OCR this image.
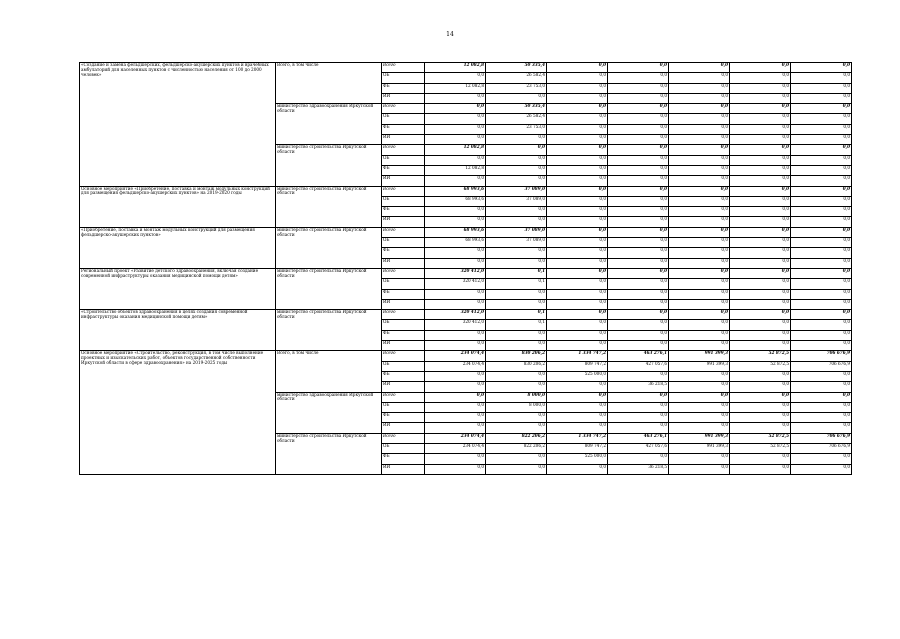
14
«Создание и замена фельдшерских, фельдшерско-акушерских пунктов и врачебных амбулаторий для населенных пунктов с численностью населения от 100 до 2000 человек»	Всего, в том числе	Всего	12 082,8	50 335,4	0,0	0,0	0,0	0,0	0,0
		ОБ	0,0	26 582,4	0,0	0,0	0,0	0,0	0,0
		ФБ	12 082,8	23 753,0	0,0	0,0	0,0	0,0	0,0
		ИИ	0,0	0,0	0,0	0,0	0,0	0,0	0,0
	министерство здравоохранения Иркутской области	Всего	0,0	50 335,4	0,0	0,0	0,0	0,0	0,0
		ОБ	0,0	26 582,4	0,0	0,0	0,0	0,0	0,0
		ФБ	0,0	23 753,0	0,0	0,0	0,0	0,0	0,0
		ИИ	0,0	0,0	0,0	0,0	0,0	0,0	0,0
	министерство строительства Иркутской области	Всего	12 082,8	0,0	0,0	0,0	0,0	0,0	0,0
		ОБ	0,0	0,0	0,0	0,0	0,0	0,0	0,0
		ФБ	12 082,8	0,0	0,0	0,0	0,0	0,0	0,0
		ИИ	0,0	0,0	0,0	0,0	0,0	0,0	0,0
Основное мероприятие «Приобретение, поставка и монтаж модульных конструкций для размещения фельдшерско-акушерских пунктов» на 2019-2020 годы	министерство строительства Иркутской области	Всего	68 993,6	37 089,0	0,0	0,0	0,0	0,0	0,0
		ОБ	68 993,6	37 089,0	0,0	0,0	0,0	0,0	0,0
		ФБ	0,0	0,0	0,0	0,0	0,0	0,0	0,0
		ИИ	0,0	0,0	0,0	0,0	0,0	0,0	0,0
«Приобретение, поставка и монтаж модульных конструкций для размещения фельдшерско-акушерских пунктов»	министерство строительства Иркутской области	Всего	68 993,6	37 089,0	0,0	0,0	0,0	0,0	0,0
		ОБ	68 993,6	37 089,0	0,0	0,0	0,0	0,0	0,0
		ФБ	0,0	0,0	0,0	0,0	0,0	0,0	0,0
		ИИ	0,0	0,0	0,0	0,0	0,0	0,0	0,0
Региональный проект «Развитие детского здравоохранения, включая создание современной инфраструктуры оказания медицинской помощи детям»	министерство строительства Иркутской области	Всего	320 412,0	0,1	0,0	0,0	0,0	0,0	0,0
		ОБ	320 412,0	0,1	0,0	0,0	0,0	0,0	0,0
		ФБ	0,0	0,0	0,0	0,0	0,0	0,0	0,0
		ИИ	0,0	0,0	0,0	0,0	0,0	0,0	0,0
«Строительство объектов здравоохранения в целях создания современной инфраструктуры оказания медицинской помощи детям»	министерство строительства Иркутской области	Всего	320 412,0	0,1	0,0	0,0	0,0	0,0	0,0
		ОБ	320 412,0	0,1	0,0	0,0	0,0	0,0	0,0
		ФБ	0,0	0,0	0,0	0,0	0,0	0,0	0,0
		ИИ	0,0	0,0	0,0	0,0	0,0	0,0	0,0
Основное мероприятие «Строительство, реконструкция, в том числе выполнение проектных и изыскательских работ, объектов государственной собственности Иркутской области в сфере здравоохранения» на 2019-2025 годы	Всего, в том числе	Всего	234 074,4	830 206,2	1 334 747,2	463 276,1	991 399,3	52 872,5	706 676,9
		ОБ	234 074,4	830 206,2	809 747,2	427 057,6	991 399,3	52 872,5	706 676,9
		ФБ	0,0	0,0	525 000,0	0,0	0,0	0,0	0,0
		ИИ	0,0	0,0	0,0	36 218,5	0,0	0,0	0,0
	министерство здравоохранения Иркутской области	Всего	0,0	8 000,0	0,0	0,0	0,0	0,0	0,0
		ОБ	0,0	8 000,0	0,0	0,0	0,0	0,0	0,0
		ФБ	0,0	0,0	0,0	0,0	0,0	0,0	0,0
		ИИ	0,0	0,0	0,0	0,0	0,0	0,0	0,0
	министерство строительства Иркутской области	Всего	234 074,4	822 206,2	1 334 747,2	463 276,1	991 399,3	52 872,5	706 676,9
		ОБ	234 074,4	822 206,2	809 747,2	427 057,6	991 399,3	52 872,5	706 676,9
		ФБ	0,0	0,0	525 000,0	0,0	0,0	0,0	0,0
		ИИ	0,0	0,0	0,0	36 218,5	0,0	0,0	0,0
